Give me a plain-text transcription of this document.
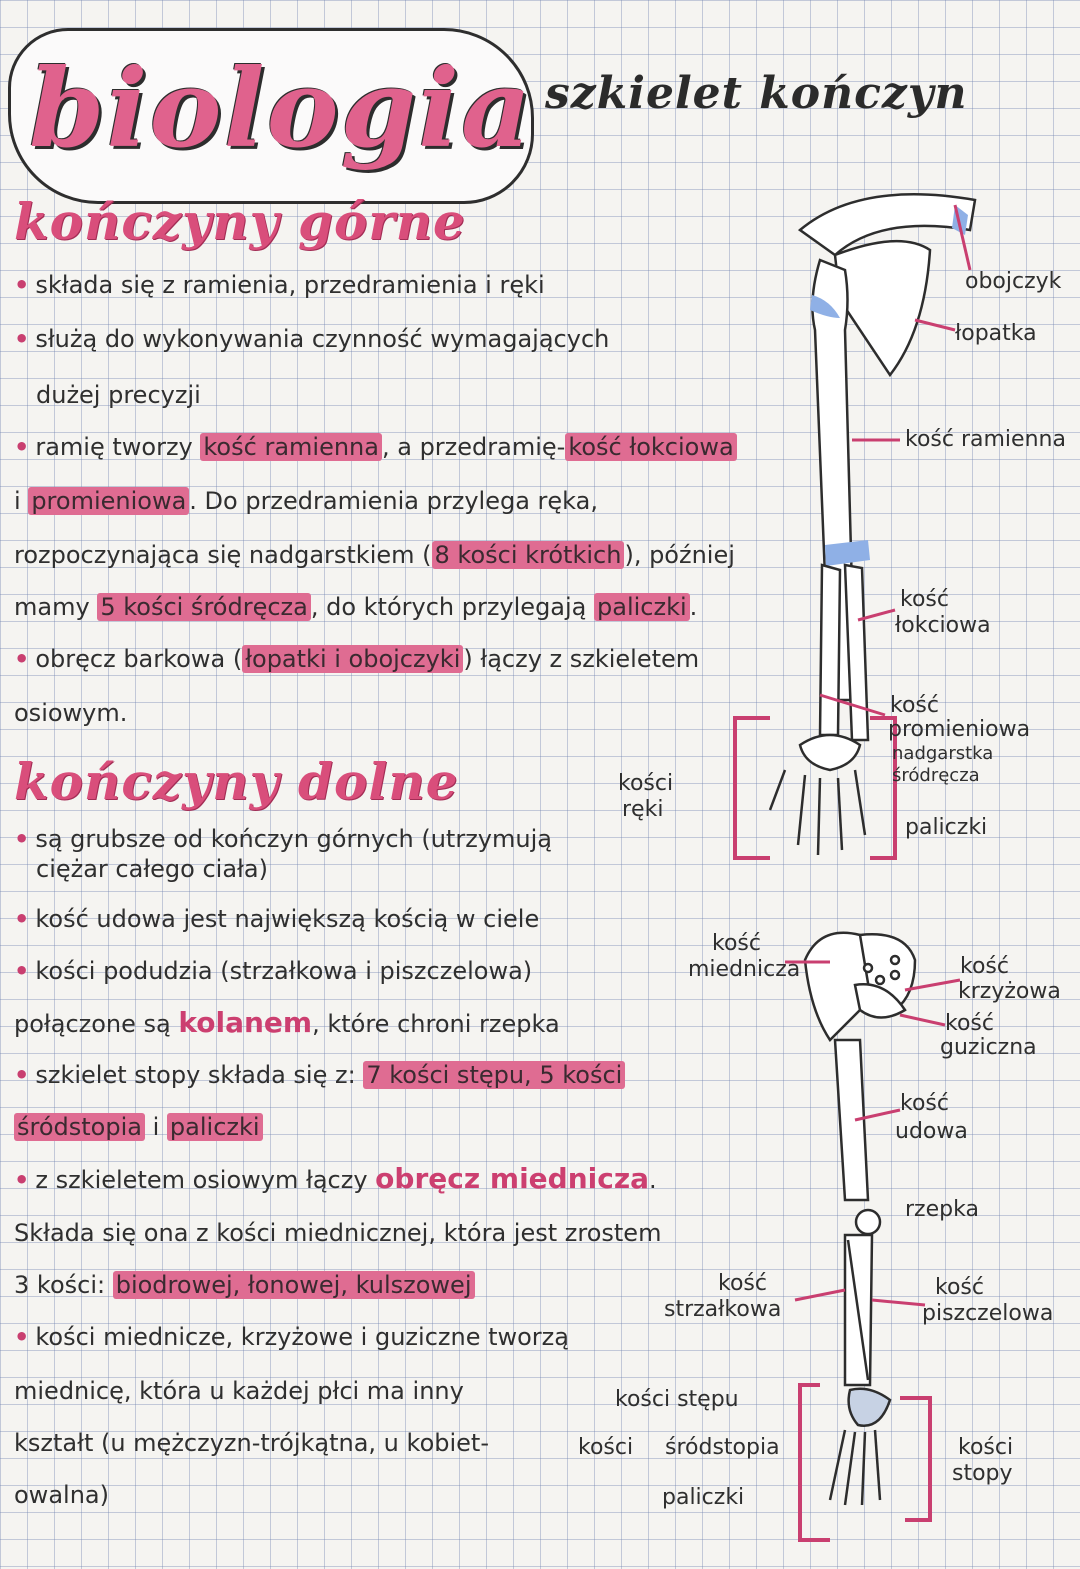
biologia szkielet kończyn
kończyny górne
• składa się z ramienia, przedramienia i ręki
• służą do wykonywania czynność wymagających
dużej precyzji
• ramię tworzy kość ramienna , a przedramię- kość łokciowa
i promieniowa . Do przedramienia przylega ręka,
rozpoczynająca się nadgarstkiem ( 8 kości krótkich ), później
mamy 5 kości śródręcza , do których przylegają paliczki .
• obręcz barkowa ( łopatki i obojczyki ) łączy z szkieletem
osiowym.
kończyny dolne
• są grubsze od kończyn górnych (utrzymują
ciężar całego ciała)
• kość udowa jest największą kością w ciele
• kości podudzia (strzałkowa i piszczelowa)
połączone są kolanem, które chroni rzepka
• szkielet stopy składa się z: 7 kości stępu, 5 kości
śródstopia i paliczki
• z szkieletem osiowym łączy obręcz miednicza.
Składa się ona z kości miednicznej, która jest zrostem
3 kości: biodrowej, łonowej, kulszowej
• kości miednicze, krzyżowe i guziczne tworzą
miednicę, która u każdej płci ma inny
kształt (u mężczyzn-trójkątna, u kobiet-
owalna)
obojczyk
łopatka
kość ramienna
kość
łokciowa
kość
promieniowa
nadgarstka
śródręcza
paliczki
kości
ręki
kość
miednicza	kość
krzyżowa
kość
guziczna
kość
udowa
rzepka
kość
strzałkowa
kość
piszczelowa
kości stępu
kości śródstopia
paliczki
kości
stopy
